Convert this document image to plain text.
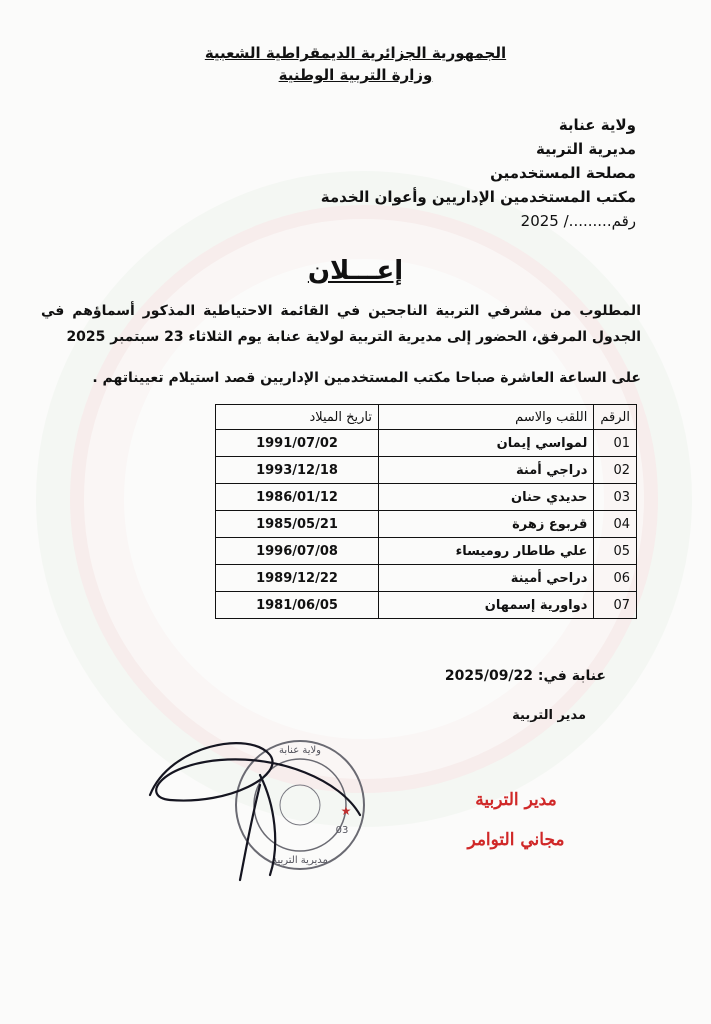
الجمهورية الجزائرية الديمقراطية الشعبية
وزارة التربية الوطنية
ولاية عنابة
مديرية التربية
مصلحة المستخدمين
مكتب المستخدمين الإداريين وأعوان الخدمة
رقم........./ 2025
إعـــلان
المطلوب من مشرفي التربية الناجحين في القائمة الاحتياطية المذكور أسماؤهم في الجدول المرفق، الحضور إلى مديرية التربية لولاية عنابة يوم الثلاثاء 23 سبتمبر 2025
على الساعة العاشرة صباحا مكتب المستخدمين الإداريين قصد استيلام تعييناتهم .
الرقم	اللقب والاسم	تاريخ الميلاد
01	لمواسي إيمان	1991/07/02
02	دراجي أمنة	1993/12/18
03	حديدي حنان	1986/01/12
04	قربوع زهرة	1985/05/21
05	علي طاطار روميساء	1996/07/08
06	دراحي أمينة	1989/12/22
07	دواورية إسمهان	1981/06/05
عنابة في: 2025/09/22
مدير التربية
ولاية عنابة
مديرية التربية
03
★
مدير التربية
مجاني التوامر
